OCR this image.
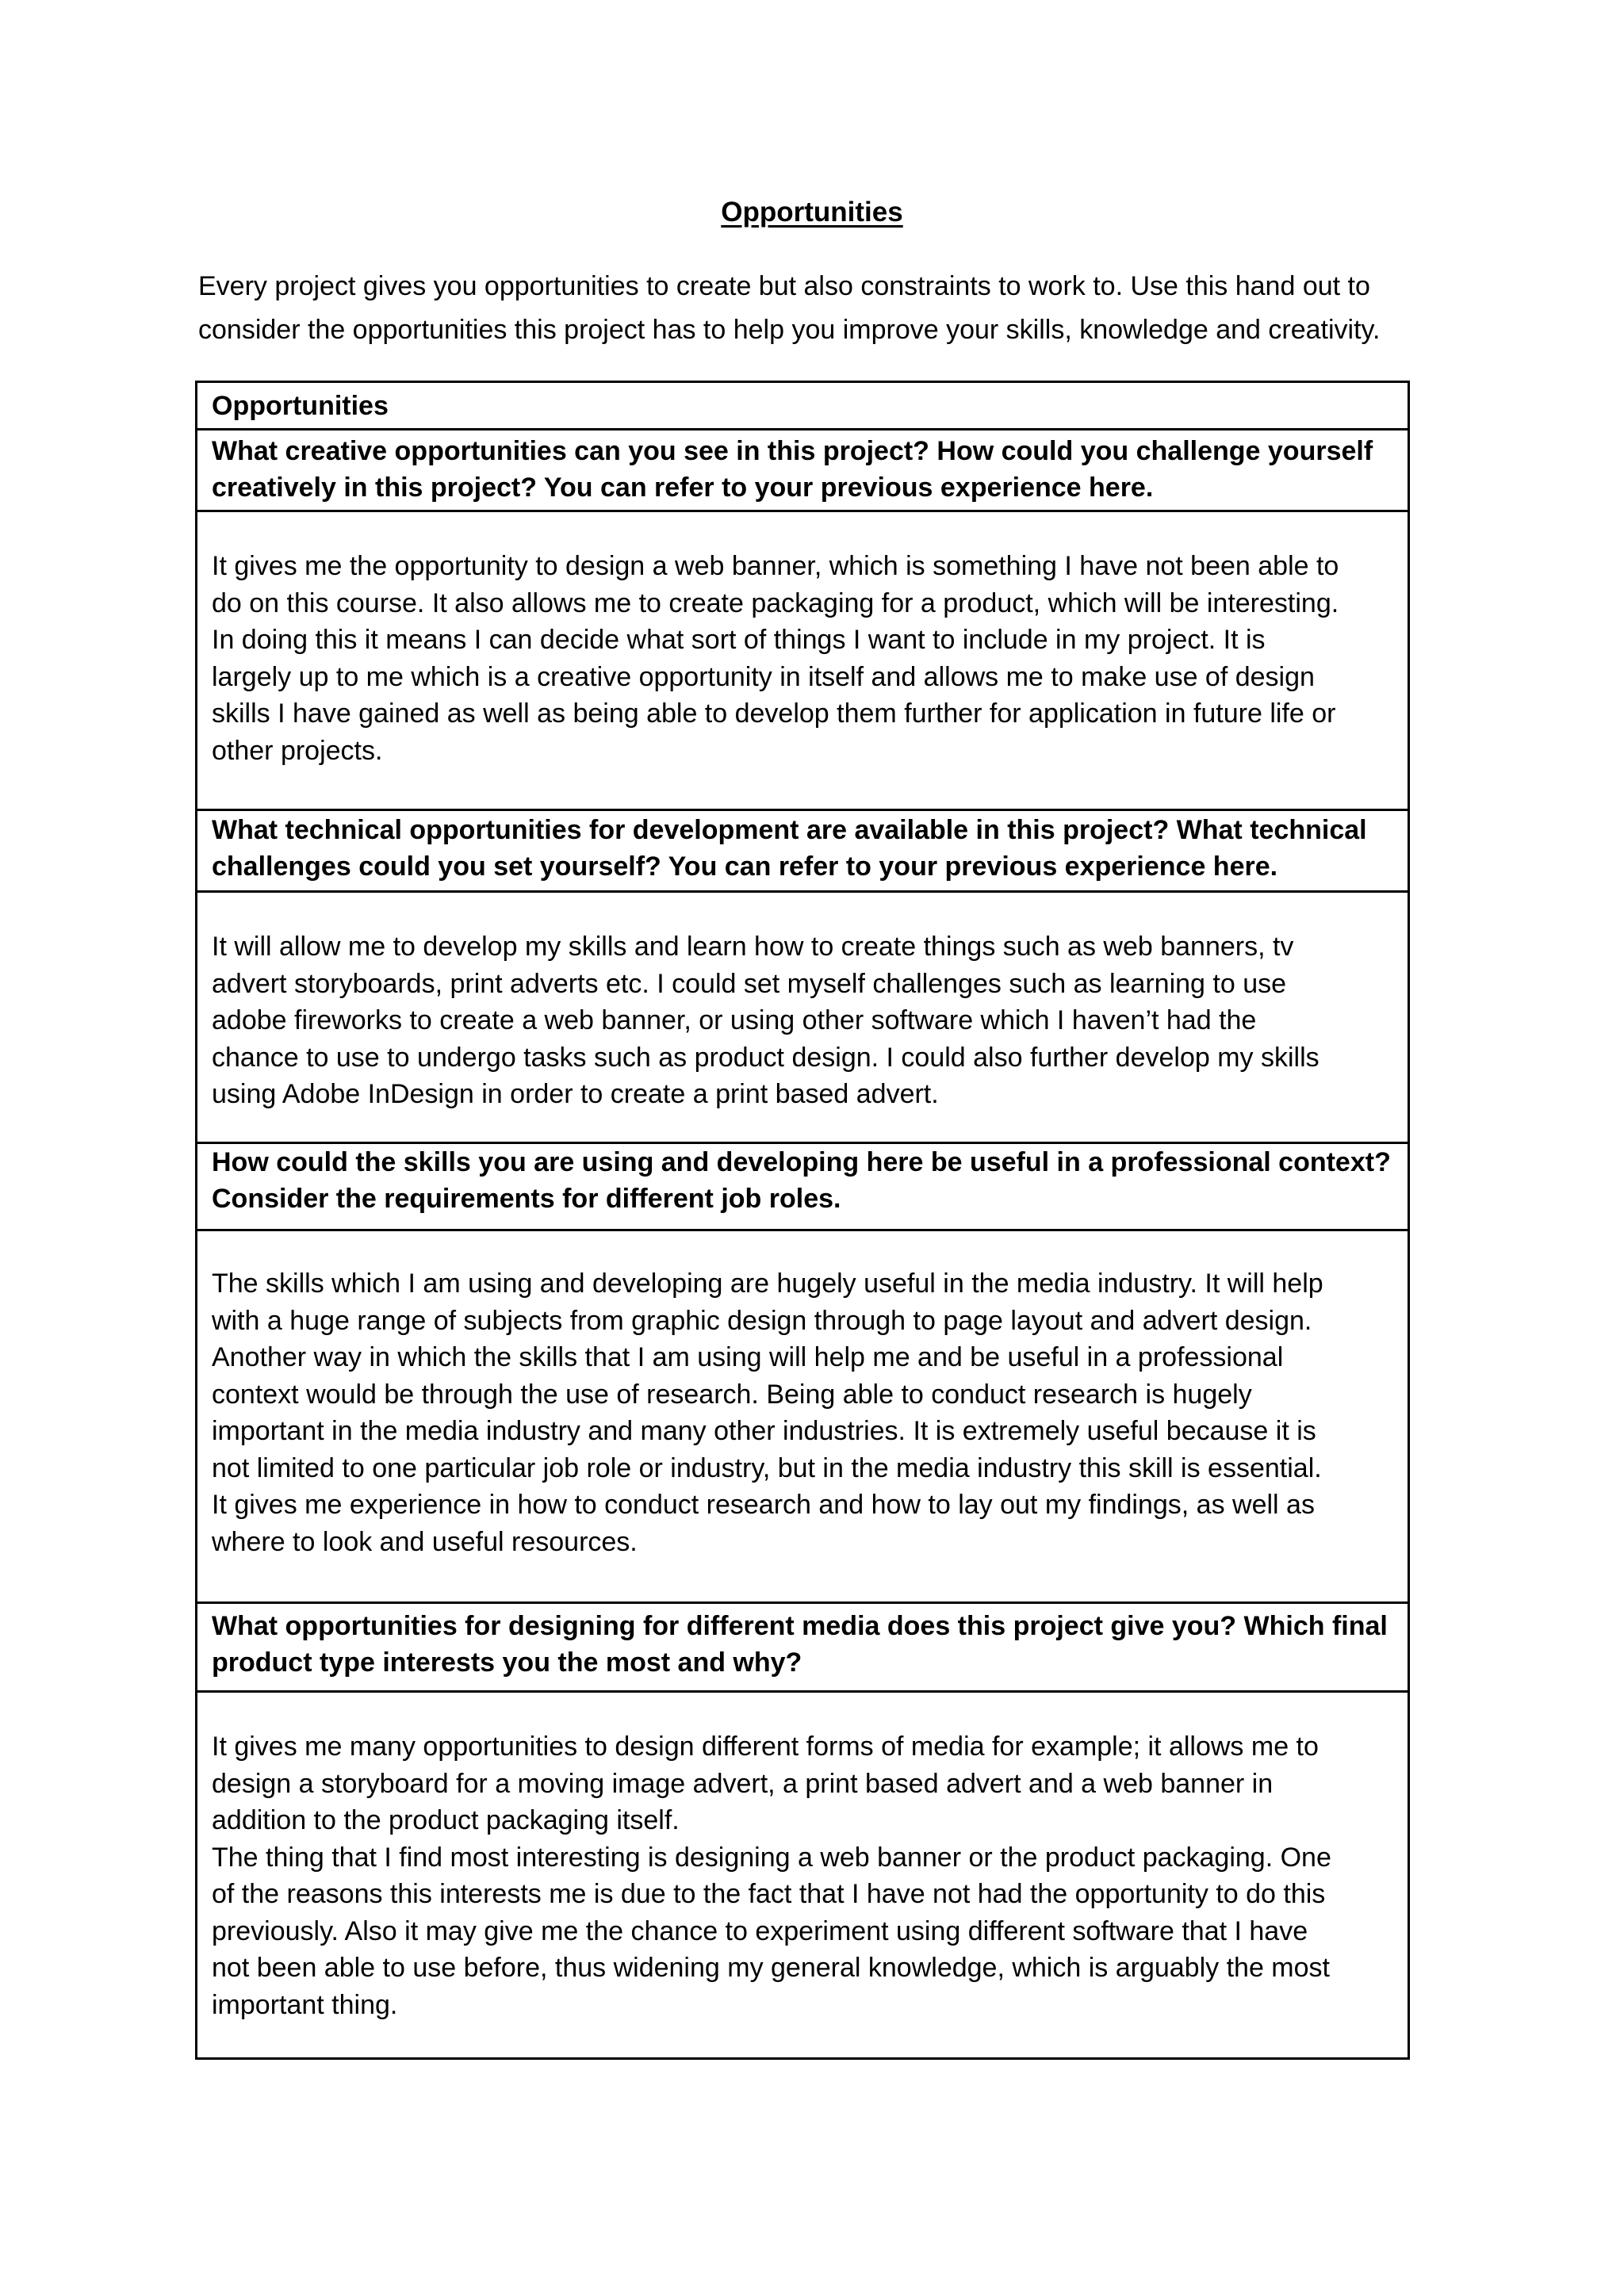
Opportunities

Every project gives you opportunities to create but also constraints to work to. Use this hand out to

consider the opportunities this project has to help you improve your skills, knowledge and creativity.

Opportunities

What creative opportunities can you see in this project? How could you challenge yourself

creatively in this project? You can refer to your previous experience here.

It gives me the opportunity to design a web banner, which is something I have not been able to

do on this course. It also allows me to create packaging for a product, which will be interesting.

In doing this it means I can decide what sort of things I want to include in my project. It is

largely up to me which is a creative opportunity in itself and allows me to make use of design

skills I have gained as well as being able to develop them further for application in future life or

other projects.

What technical opportunities for development are available in this project? What technical

challenges could you set yourself? You can refer to your previous experience here.

It will allow me to develop my skills and learn how to create things such as web banners, tv

advert storyboards, print adverts etc. I could set myself challenges such as learning to use

adobe fireworks to create a web banner, or using other software which I haven’t had the

chance to use to undergo tasks such as product design. I could also further develop my skills

using Adobe InDesign in order to create a print based advert.

How could the skills you are using and developing here be useful in a professional context?

Consider the requirements for different job roles.

The skills which I am using and developing are hugely useful in the media industry. It will help

with a huge range of subjects from graphic design through to page layout and advert design.

Another way in which the skills that I am using will help me and be useful in a professional

context would be through the use of research. Being able to conduct research is hugely

important in the media industry and many other industries. It is extremely useful because it is

not limited to one particular job role or industry, but in the media industry this skill is essential.

It gives me experience in how to conduct research and how to lay out my findings, as well as

where to look and useful resources.

What opportunities for designing for different media does this project give you? Which final

product type interests you the most and why?

It gives me many opportunities to design different forms of media for example; it allows me to

design a storyboard for a moving image advert, a print based advert and a web banner in

addition to the product packaging itself.

The thing that I find most interesting is designing a web banner or the product packaging. One

of the reasons this interests me is due to the fact that I have not had the opportunity to do this

previously. Also it may give me the chance to experiment using different software that I have

not been able to use before, thus widening my general knowledge, which is arguably the most

important thing.
